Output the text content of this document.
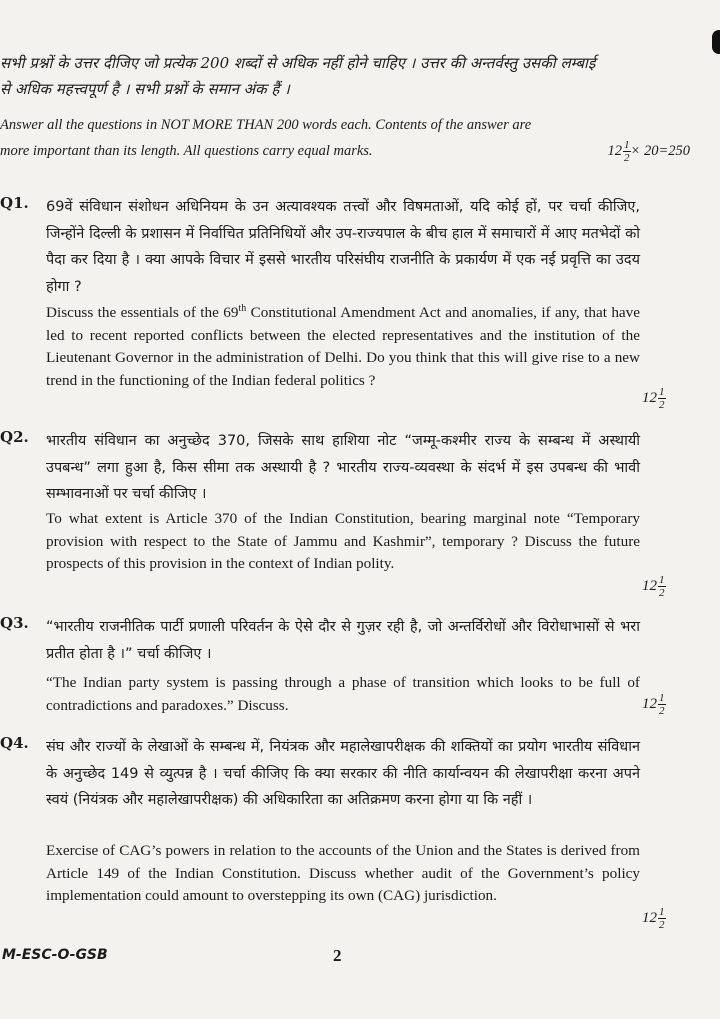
सभी प्रश्नों के उत्तर दीजिए जो प्रत्येक 200 शब्दों से अधिक नहीं होने चाहिए । उत्तर की अन्तर्वस्तु उसकी लम्बाई
से अधिक महत्त्वपूर्ण है । सभी प्रश्नों के समान अंक हैं ।
Answer all the questions in NOT MORE THAN 200 words each. Contents of the answer are
more important than its length. All questions carry equal marks.	$12 \frac{1}{2} \times 20=250$
Q1. 69वें संविधान संशोधन अधिनियम के उन अत्यावश्यक तत्त्वों और विषमताओं, यदि कोई हों, पर चर्चा कीजिए, जिन्होंने दिल्ली के प्रशासन में निर्वाचित प्रतिनिधियों और उप-राज्यपाल के बीच हाल में समाचारों में आए मतभेदों को पैदा कर दिया है । क्या आपके विचार में इससे भारतीय परिसंघीय राजनीति के प्रकार्यण में एक नई प्रवृत्ति का उदय होगा ?

Discuss the essentials of the 69th Constitutional Amendment Act and anomalies, if any, that have led to recent reported conflicts between the elected representatives and the institution of the Lieutenant Governor in the administration of Delhi. Do you think that this will give rise to a new trend in the functioning of the Indian federal politics ?

$12 \frac{1}{2}$
Q2. भारतीय संविधान का अनुच्छेद 370, जिसके साथ हाशिया नोट “जम्मू-कश्मीर राज्य के सम्बन्ध में अस्थायी उपबन्ध” लगा हुआ है, किस सीमा तक अस्थायी है ? भारतीय राज्य-व्यवस्था के संदर्भ में इस उपबन्ध की भावी सम्भावनाओं पर चर्चा कीजिए ।

To what extent is Article 370 of the Indian Constitution, bearing marginal note “Temporary provision with respect to the State of Jammu and Kashmir”, temporary ? Discuss the future prospects of this provision in the context of Indian polity.

$12 \frac{1}{2}$
Q3. “भारतीय राजनीतिक पार्टी प्रणाली परिवर्तन के ऐसे दौर से गुज़र रही है, जो अन्तर्विरोधों और विरोधाभासों से भरा प्रतीत होता है ।” चर्चा कीजिए ।

“The Indian party system is passing through a phase of transition which looks to be full of contradictions and paradoxes.” Discuss.	$12 \frac{1}{2}$
Q4. संघ और राज्यों के लेखाओं के सम्बन्ध में, नियंत्रक और महालेखापरीक्षक की शक्तियों का प्रयोग भारतीय संविधान के अनुच्छेद 149 से व्युत्पन्न है । चर्चा कीजिए कि क्या सरकार की नीति कार्यान्वयन की लेखापरीक्षा करना अपने स्वयं (नियंत्रक और महालेखापरीक्षक) की अधिकारिता का अतिक्रमण करना होगा या कि नहीं ।

Exercise of CAG’s powers in relation to the accounts of the Union and the States is derived from Article 149 of the Indian Constitution. Discuss whether audit of the Government’s policy implementation could amount to overstepping its own (CAG) jurisdiction.

$12 \frac{1}{2}$
M-ESC-O-GSB	2
